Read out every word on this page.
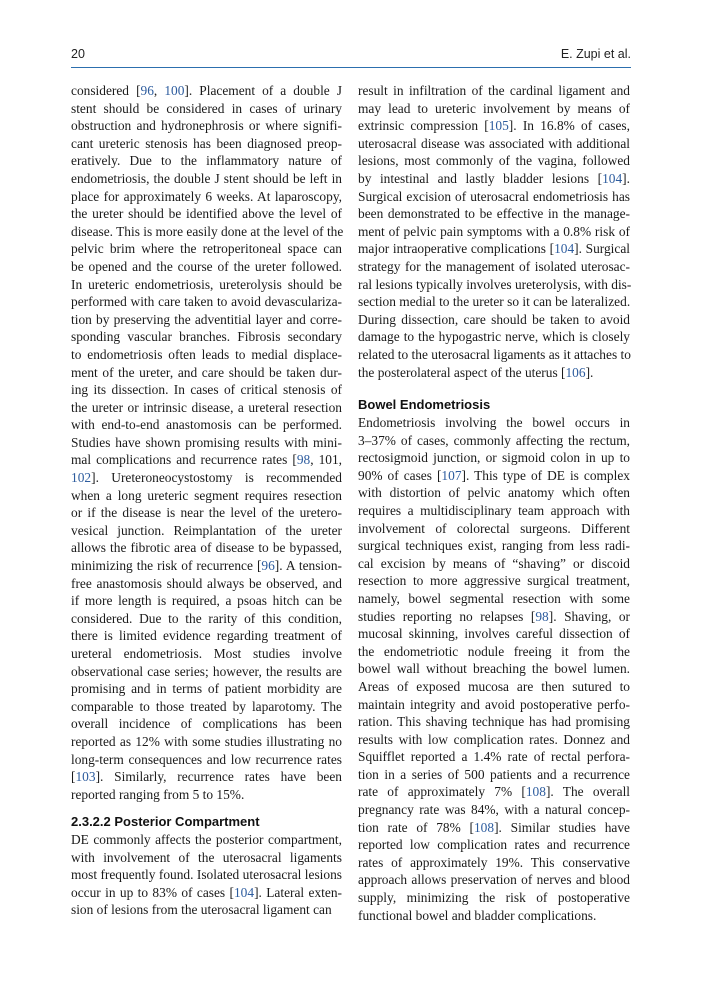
20	E. Zupi et al.

considered [96, 100]. Placement of a double J
stent should be considered in cases of urinary
obstruction and hydronephrosis or where signifi-
cant ureteric stenosis has been diagnosed preop-
eratively. Due to the inflammatory nature of
endometriosis, the double J stent should be left in
place for approximately 6 weeks. At laparoscopy,
the ureter should be identified above the level of
disease. This is more easily done at the level of the
pelvic brim where the retroperitoneal space can
be opened and the course of the ureter followed.
In ureteric endometriosis, ureterolysis should be
performed with care taken to avoid devasculariza-
tion by preserving the adventitial layer and corre-
sponding vascular branches. Fibrosis secondary
to endometriosis often leads to medial displace-
ment of the ureter, and care should be taken dur-
ing its dissection. In cases of critical stenosis of
the ureter or intrinsic disease, a ureteral resection
with end-to-end anastomosis can be performed.
Studies have shown promising results with mini-
mal complications and recurrence rates [98, 101,
102]. Ureteroneocystostomy is recommended
when a long ureteric segment requires resection
or if the disease is near the level of the uretero-
vesical junction. Reimplantation of the ureter
allows the fibrotic area of disease to be bypassed,
minimizing the risk of recurrence [96]. A tension-
free anastomosis should always be observed, and
if more length is required, a psoas hitch can be
considered. Due to the rarity of this condition,
there is limited evidence regarding treatment of
ureteral endometriosis. Most studies involve
observational case series; however, the results are
promising and in terms of patient morbidity are
comparable to those treated by laparotomy. The
overall incidence of complications has been
reported as 12% with some studies illustrating no
long-term consequences and low recurrence rates
[103]. Similarly, recurrence rates have been
reported ranging from 5 to 15%.

2.3.2.2 Posterior Compartment

DE commonly affects the posterior compartment,
with involvement of the uterosacral ligaments
most frequently found. Isolated uterosacral lesions
occur in up to 83% of cases [104]. Lateral exten-
sion of lesions from the uterosacral ligament can

result in infiltration of the cardinal ligament and
may lead to ureteric involvement by means of
extrinsic compression [105]. In 16.8% of cases,
uterosacral disease was associated with additional
lesions, most commonly of the vagina, followed
by intestinal and lastly bladder lesions [104].
Surgical excision of uterosacral endometriosis has
been demonstrated to be effective in the manage-
ment of pelvic pain symptoms with a 0.8% risk of
major intraoperative complications [104]. Surgical
strategy for the management of isolated uterosac-
ral lesions typically involves ureterolysis, with dis-
section medial to the ureter so it can be lateralized.
During dissection, care should be taken to avoid
damage to the hypogastric nerve, which is closely
related to the uterosacral ligaments as it attaches to
the posterolateral aspect of the uterus [106].

Bowel Endometriosis

Endometriosis involving the bowel occurs in
3–37% of cases, commonly affecting the rectum,
rectosigmoid junction, or sigmoid colon in up to
90% of cases [107]. This type of DE is complex
with distortion of pelvic anatomy which often
requires a multidisciplinary team approach with
involvement of colorectal surgeons. Different
surgical techniques exist, ranging from less radi-
cal excision by means of “shaving” or discoid
resection to more aggressive surgical treatment,
namely, bowel segmental resection with some
studies reporting no relapses [98]. Shaving, or
mucosal skinning, involves careful dissection of
the endometriotic nodule freeing it from the
bowel wall without breaching the bowel lumen.
Areas of exposed mucosa are then sutured to
maintain integrity and avoid postoperative perfo-
ration. This shaving technique has had promising
results with low complication rates. Donnez and
Squifflet reported a 1.4% rate of rectal perfora-
tion in a series of 500 patients and a recurrence
rate of approximately 7% [108]. The overall
pregnancy rate was 84%, with a natural concep-
tion rate of 78% [108]. Similar studies have
reported low complication rates and recurrence
rates of approximately 19%. This conservative
approach allows preservation of nerves and blood
supply, minimizing the risk of postoperative
functional bowel and bladder complications.
